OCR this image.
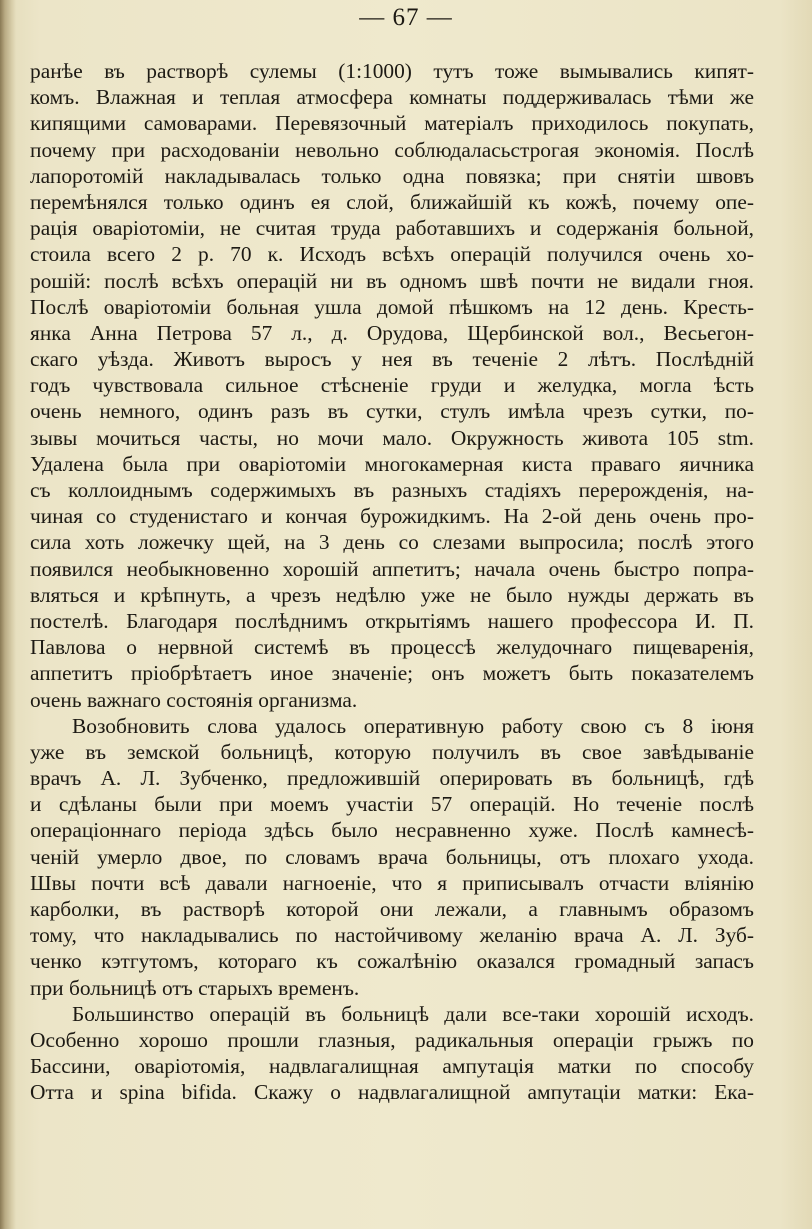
— 67 —
ранѣе въ растворѣ сулемы (1:1000) тутъ тоже вымывались кипят-
комъ. Влажная и теплая атмосфера комнаты поддерживалась тѣми же
кипящими самоварами. Перевязочный матеріалъ приходилось покупать,
почему при расходованіи невольно соблюдаласьстрогая экономія. Послѣ
лапоротомій накладывалась только одна повязка; при снятіи швовъ
перемѣнялся только одинъ ея слой, ближайшій къ кожѣ, почему опе-
рація оваріотоміи, не считая труда работавшихъ и содержанія больной,
стоила всего 2 р. 70 к. Исходъ всѣхъ операцій получился очень хо-
рошій: послѣ всѣхъ операцій ни въ одномъ швѣ почти не видали гноя.
Послѣ оваріотоміи больная ушла домой пѣшкомъ на 12 день. Кресть-
янка Анна Петрова 57 л., д. Орудова, Щербинской вол., Весьегон-
скаго уѣзда. Животъ выросъ у нея въ теченіе 2 лѣтъ. Послѣдній
годъ чувствовала сильное стѣсненіе груди и желудка, могла ѣсть
очень немного, одинъ разъ въ сутки, стулъ имѣла чрезъ сутки, по-
зывы мочиться часты, но мочи мало. Окружность живота 105 stm.
Удалена была при оваріотоміи многокамерная киста праваго яичника
съ коллоиднымъ содержимыхъ въ разныхъ стадіяхъ перерожденія, на-
чиная со студенистаго и кончая бурожидкимъ. На 2-ой день очень про-
сила хоть ложечку щей, на 3 день со слезами выпросила; послѣ этого
появился необыкновенно хорошій аппетитъ; начала очень быстро попра-
вляться и крѣпнуть, а чрезъ недѣлю уже не было нужды держать въ
постелѣ. Благодаря послѣднимъ открытіямъ нашего профессора И. П.
Павлова о нервной системѣ въ процессѣ желудочнаго пищеваренія,
аппетитъ пріобрѣтаетъ иное значеніе; онъ можетъ быть показателемъ
очень важнаго состоянія организма.
Возобновить слова удалось оперативную работу свою съ 8 іюня
уже въ земской больницѣ, которую получилъ въ свое завѣдываніе
врачъ А. Л. Зубченко, предложившій оперировать въ больницѣ, гдѣ
и сдѣланы были при моемъ участіи 57 операцій. Но теченіе послѣ
операціоннаго періода здѣсь было несравненно хуже. Послѣ камнесѣ-
ченій умерло двое, по словамъ врача больницы, отъ плохаго ухода.
Швы почти всѣ давали нагноеніе, что я приписывалъ отчасти вліянію
карболки, въ растворѣ которой они лежали, а главнымъ образомъ
тому, что накладывались по настойчивому желанію врача А. Л. Зуб-
ченко кэтгутомъ, котораго къ сожалѣнію оказался громадный запасъ
при больницѣ отъ старыхъ временъ.
Большинство операцій въ больницѣ дали все-таки хорошій исходъ.
Особенно хорошо прошли глазныя, радикальныя операціи грыжъ по
Бассини, оваріотомія, надвлагалищная ампутація матки по способу
Отта и spina bifida. Скажу о надвлагалищной ампутаціи матки: Ека-
